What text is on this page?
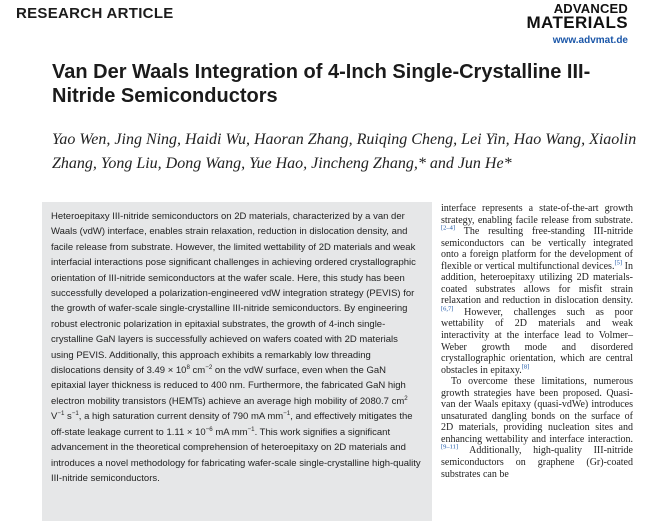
RESEARCH ARTICLE	ADVANCED
MATERIALS
www.advmat.de
Van Der Waals Integration of 4-Inch Single-Crystalline III-Nitride Semiconductors

Yao Wen, Jing Ning, Haidi Wu, Haoran Zhang, Ruiqing Cheng, Lei Yin, Hao Wang, Xiaolin Zhang, Yong Liu, Dong Wang, Yue Hao, Jincheng Zhang,* and Jun He*

Heteroepitaxy III-nitride semiconductors on 2D materials, characterized by a van der Waals (vdW) interface, enables strain relaxation, reduction in dislocation density, and facile release from substrate. However, the limited wettability of 2D materials and weak interfacial interactions pose significant challenges in achieving ordered crystallographic orientation of III-nitride semiconductors at the wafer scale. Here, this study has been successfully developed a polarization-engineered vdW integration strategy (PEVIS) for the growth of wafer-scale single-crystalline III-nitride semiconductors. By engineering robust electronic polarization in epitaxial substrates, the growth of 4-inch single-crystalline GaN layers is successfully achieved on wafers coated with 2D materials using PEVIS. Additionally, this approach exhibits a remarkably low threading dislocations density of $3.49 \times 10^8$ $cm^{-2}$ on the vdW surface, even when the GaN epitaxial layer thickness is reduced to 400 nm. Furthermore, the fabricated GaN high electron mobility transistors (HEMTs) achieve an average high mobility of 2080.7 $cm^2$ $V^{-1}$ $s^{-1}$, a high saturation current density of 790 mA $mm^{-1}$, and effectively mitigates the off-state leakage current to $1.11 \times 10^{-6}$ mA $mm^{-1}$. This work signifies a significant advancement in the theoretical comprehension of heteroepitaxy on 2D materials and introduces a novel methodology for fabricating wafer-scale single-crystalline high-quality III-nitride semiconductors.

interface represents a state-of-the-art growth strategy, enabling facile release from substrate.[2–4] The resulting free-standing III-nitride semiconductors can be vertically integrated onto a foreign platform for the development of flexible or vertical multifunctional devices.[5] In addition, heteroepitaxy utilizing 2D materials-coated substrates allows for misfit strain relaxation and reduction in dislocation density.[6,7] However, challenges such as poor wettability of 2D materials and weak interactivity at the interface lead to Volmer–Weber growth mode and disordered crystallographic orientation, which are central obstacles in epitaxy.[8]

To overcome these limitations, numerous growth strategies have been proposed. Quasi-van der Waals epitaxy (quasi-vdWe) introduces unsaturated dangling bonds on the surface of 2D materials, providing nucleation sites and enhancing wettability and interface interaction.[9–11] Additionally, high-quality III-nitride semiconductors on graphene (Gr)-coated substrates can be
